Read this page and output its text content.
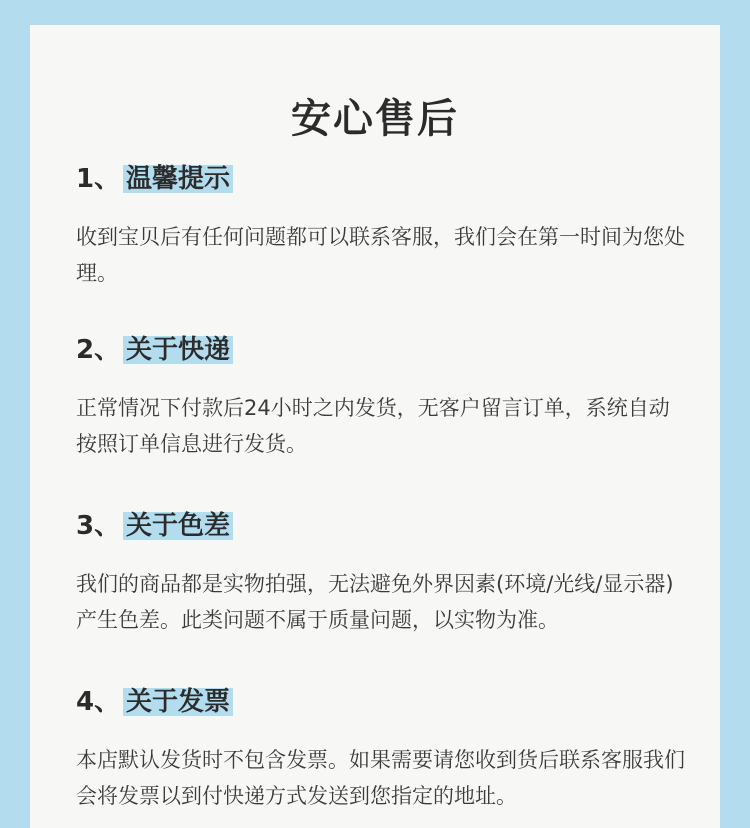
安心售后
1、 温馨提示
收到宝贝后有任何问题都可以联系客服，我们会在第一时间为您处理。
2、 关于快递
正常情况下付款后24小时之内发货，无客户留言订单，系统自动按照订单信息进行发货。
3、 关于色差
我们的商品都是实物拍强，无法避免外界因素(环境/光线/显示器)产生色差。此类问题不属于质量问题，以实物为准。
4、 关于发票
本店默认发货时不包含发票。如果需要请您收到货后联系客服我们会将发票以到付快递方式发送到您指定的地址。
